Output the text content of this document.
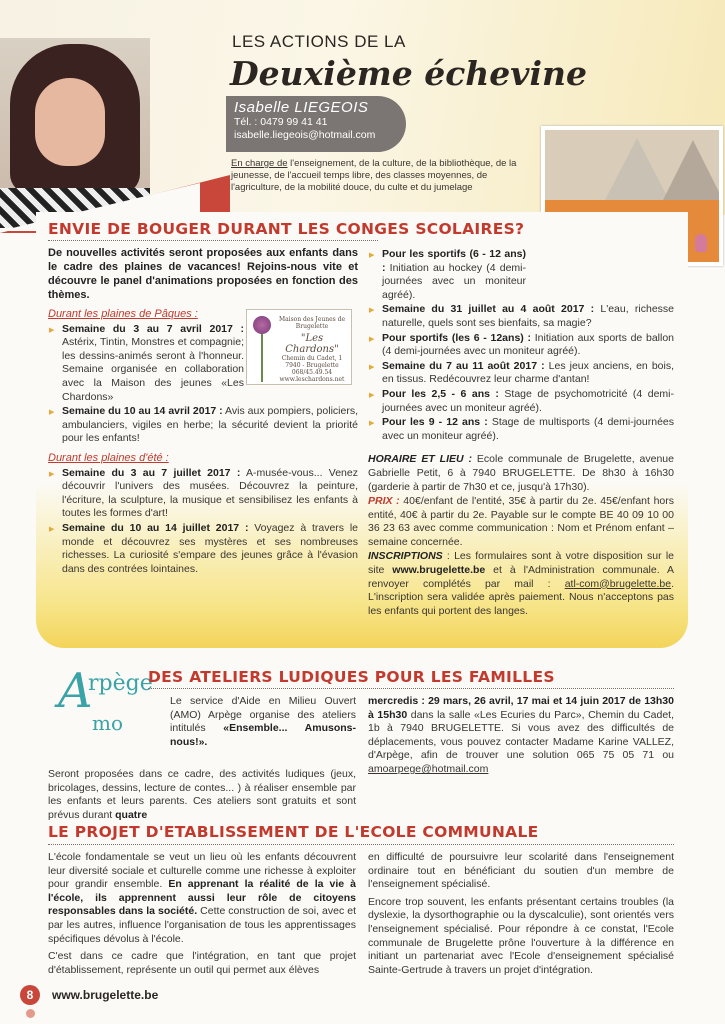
LES ACTIONS DE LA
Deuxième échevine
Isabelle LIEGEOIS
Tél. : 0479 99 41 41
isabelle.liegeois@hotmail.com
En charge de l'enseignement, de la culture, de la bibliothèque, de la jeunesse, de l'accueil temps libre, des classes moyennes, de l'agriculture, de la mobilité douce, du culte et du jumelage
ENVIE DE BOUGER DURANT LES CONGES SCOLAIRES?

De nouvelles activités seront proposées aux enfants dans le cadre des plaines de vacances! Rejoins-nous vite et découvre le panel d'animations proposées en fonction des thèmes.

Durant les plaines de Pâques :

▶ Semaine du 3 au 7 avril 2017 : Astérix, Tintin, Monstres et compagnie; les dessins-animés seront à l'honneur. Semaine organisée en collaboration avec la Maison des jeunes «Les Chardons»

▶ Semaine du 10 au 14 avril 2017 : Avis aux pompiers, policiers, ambulanciers, vigiles en herbe; la sécurité devient la priorité pour les enfants!

Durant les plaines d'été :

▶ Semaine du 3 au 7 juillet 2017 : A-musée-vous... Venez découvrir l'univers des musées. Découvrez la peinture, l'écriture, la sculpture, la musique et sensibilisez les enfants à toutes les formes d'art!

▶ Semaine du 10 au 14 juillet 2017 : Voyagez à travers le monde et découvrez ses mystères et ses nombreuses richesses. La curiosité s'empare des jeunes grâce à l'évasion dans des contrées lointaines.

Maison des Jeunes de Brugelette
"Les Chardons"
Chemin du Cadet, 1
7940 - Brugelette
068/45.49.54
www.leschardons.net

▶ Pour les sportifs (6 - 12 ans) : Initiation au hockey (4 demi-journées avec un moniteur agréé).

▶ Semaine du 31 juillet au 4 août 2017 : L'eau, richesse naturelle, quels sont ses bienfaits, sa magie?

▶ Pour sportifs (les 6 - 12ans) : Initiation aux sports de ballon (4 demi-journées avec un moniteur agréé).

▶ Semaine du 7 au 11 août 2017 : Les jeux anciens, en bois, en tissus. Redécouvrez leur charme d'antan!

▶ Pour les 2,5 - 6 ans : Stage de psychomotricité (4 demi-journées avec un moniteur agréé).

▶ Pour les 9 - 12 ans : Stage de multisports (4 demi-journées avec un moniteur agréé).

HORAIRE ET LIEU : Ecole communale de Brugelette, avenue Gabrielle Petit, 6 à 7940 BRUGELETTE. De 8h30 à 16h30 (garderie à partir de 7h30 et ce, jusqu'à 17h30).

PRIX : 40€/enfant de l'entité, 35€ à partir du 2e. 45€/enfant hors entité, 40€ à partir du 2e. Payable sur le compte BE 40 09 10 00 36 23 63 avec comme communication : Nom et Prénom enfant – semaine concernée.

INSCRIPTIONS : Les formulaires sont à votre disposition sur le site www.brugelette.be et à l'Administration communale. A renvoyer complétés par mail : atl-com@brugelette.be. L'inscription sera validée après paiement. Nous n'acceptons pas les enfants qui portent des langes.

A
rpège
mo
DES ATELIERS LUDIQUES POUR LES FAMILLES
Le service d'Aide en Milieu Ouvert (AMO) Arpège organise des ateliers intitulés «Ensemble... Amusons-nous!».
Seront proposées dans ce cadre, des activités ludiques (jeux, bricolages, dessins, lecture de contes... ) à réaliser ensemble par les enfants et leurs parents. Ces ateliers sont gratuits et sont prévus durant quatre
mercredis : 29 mars, 26 avril, 17 mai et 14 juin 2017 de 13h30 à 15h30 dans la salle «Les Ecuries du Parc», Chemin du Cadet, 1b à 7940 BRUGELETTE. Si vous avez des difficultés de déplacements, vous pouvez contacter Madame Karine VALLEZ, d'Arpège, afin de trouver une solution 065 75 05 71 ou amoarpege@hotmail.com
LE PROJET D'ETABLISSEMENT DE L'ECOLE COMMUNALE

L'école fondamentale se veut un lieu où les enfants découvrent leur diversité sociale et culturelle comme une richesse à exploiter pour grandir ensemble. En apprenant la réalité de la vie à l'école, ils apprennent aussi leur rôle de citoyens responsables dans la société. Cette construction de soi, avec et par les autres, influence l'organisation de tous les apprentissages spécifiques dévolus à l'école.

C'est dans ce cadre que l'intégration, en tant que projet d'établissement, représente un outil qui permet aux élèves

en difficulté de poursuivre leur scolarité dans l'enseignement ordinaire tout en bénéficiant du soutien d'un membre de l'enseignement spécialisé.

Encore trop souvent, les enfants présentant certains troubles (la dyslexie, la dysorthographie ou la dyscalculie), sont orientés vers l'enseignement spécialisé. Pour répondre à ce constat, l'Ecole communale de Brugelette prône l'ouverture à la différence en initiant un partenariat avec l'Ecole d'enseignement spécialisé Sainte-Gertrude à travers un projet d'intégration.

8	www.brugelette.be
